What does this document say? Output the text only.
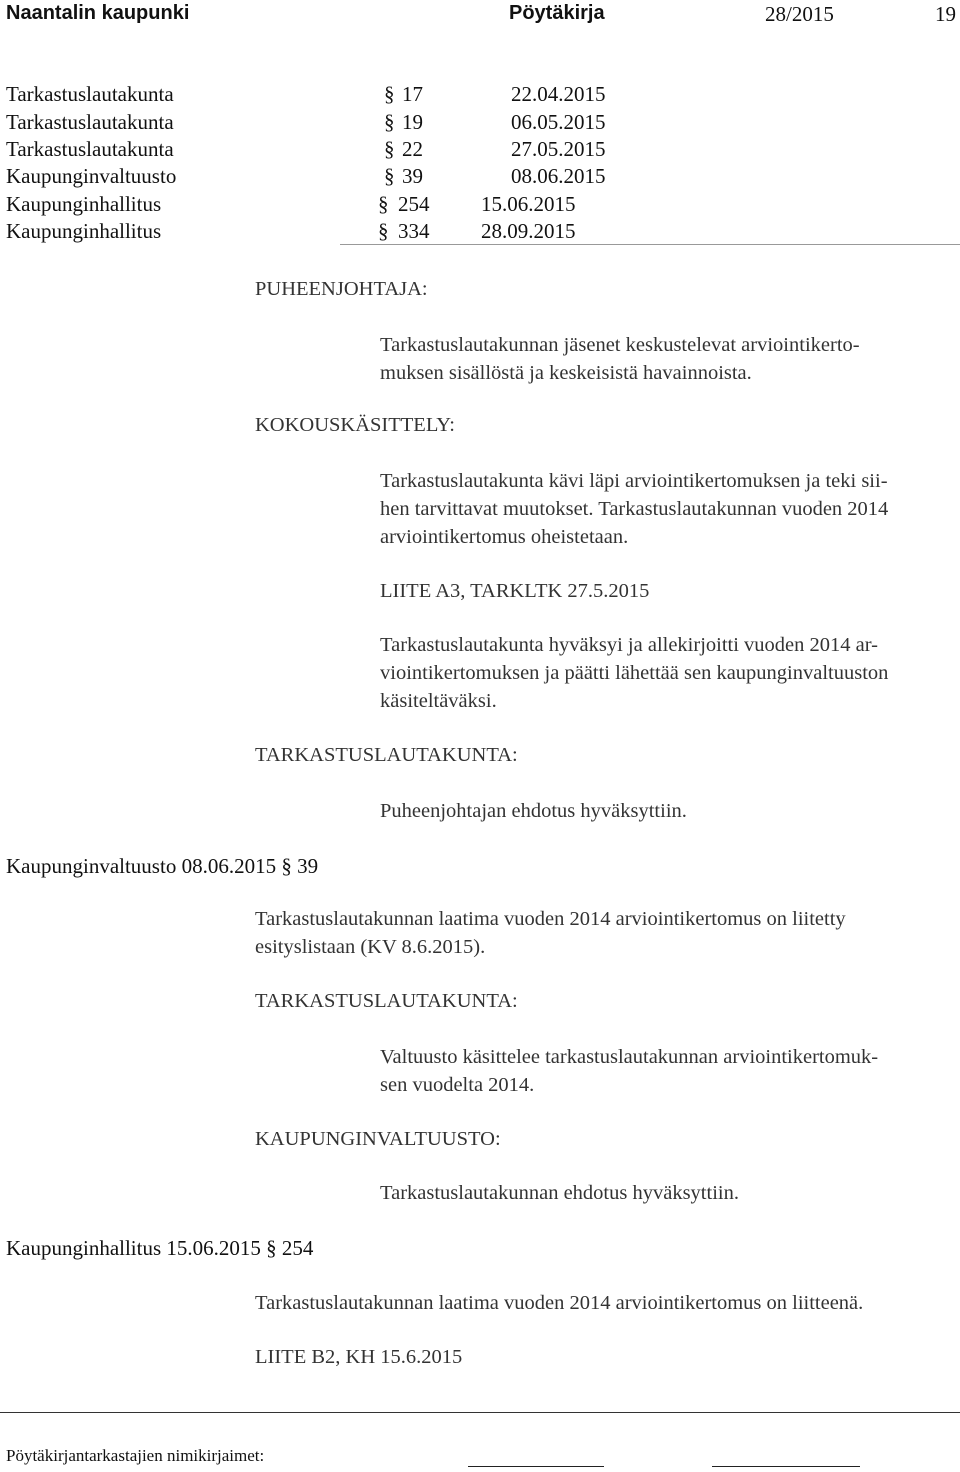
Naantalin kaupunki	Pöytäkirja	28/2015	19
Tarkastuslautakunta	§ 17	22.04.2015
Tarkastuslautakunta	§ 19	06.05.2015
Tarkastuslautakunta	§ 22	27.05.2015
Kaupunginvaltuusto	§ 39	08.06.2015
Kaupunginhallitus	§ 254 15.06.2015
Kaupunginhallitus	§ 334 28.09.2015
PUHEENJOHTAJA:
Tarkastuslautakunnan jäsenet keskustelevat arviointikerto-
muksen sisällöstä ja keskeisistä havainnoista.
KOKOUSKÄSITTELY:
Tarkastuslautakunta kävi läpi arviointikertomuksen ja teki sii-
hen tarvittavat muutokset. Tarkastuslautakunnan vuoden 2014
arviointikertomus oheistetaan.
LIITE A3, TARKLTK 27.5.2015
Tarkastuslautakunta hyväksyi ja allekirjoitti vuoden 2014 ar-
viointikertomuksen ja päätti lähettää sen kaupunginvaltuuston
käsiteltäväksi.
TARKASTUSLAUTAKUNTA:
Puheenjohtajan ehdotus hyväksyttiin.
Kaupunginvaltuusto 08.06.2015 § 39
Tarkastuslautakunnan laatima vuoden 2014 arviointikertomus on liitetty
esityslistaan (KV 8.6.2015).
TARKASTUSLAUTAKUNTA:
Valtuusto käsittelee tarkastuslautakunnan arviointikertomuk-
sen vuodelta 2014.
KAUPUNGINVALTUUSTO:
Tarkastuslautakunnan ehdotus hyväksyttiin.
Kaupunginhallitus 15.06.2015 § 254
Tarkastuslautakunnan laatima vuoden 2014 arviointikertomus on liitteenä.
LIITE B2, KH 15.6.2015
Pöytäkirjantarkastajien nimikirjaimet:
